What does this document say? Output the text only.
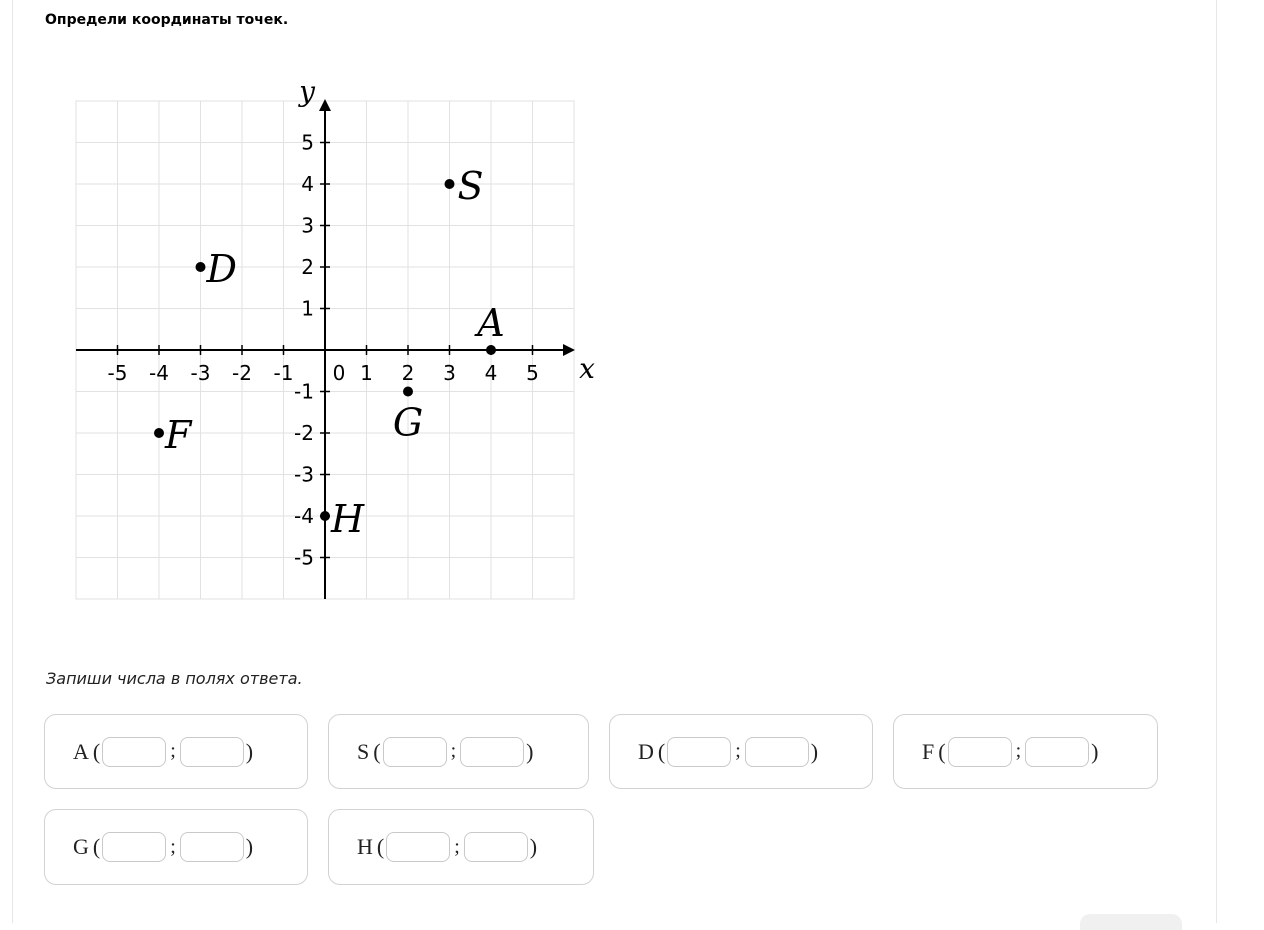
Определи координаты точек.
-5 -4 -3 -2 -1 0 1 2 3 4 5
-5
-4
-3
-2
-1
1
2
3
4
5
x
y
S
D
A
G
F
H
Запиши числа в полях ответа.
A (	;	)	S (	;	)	D (	;	)	F (	;	)
G (	;	)	H (	;	)
